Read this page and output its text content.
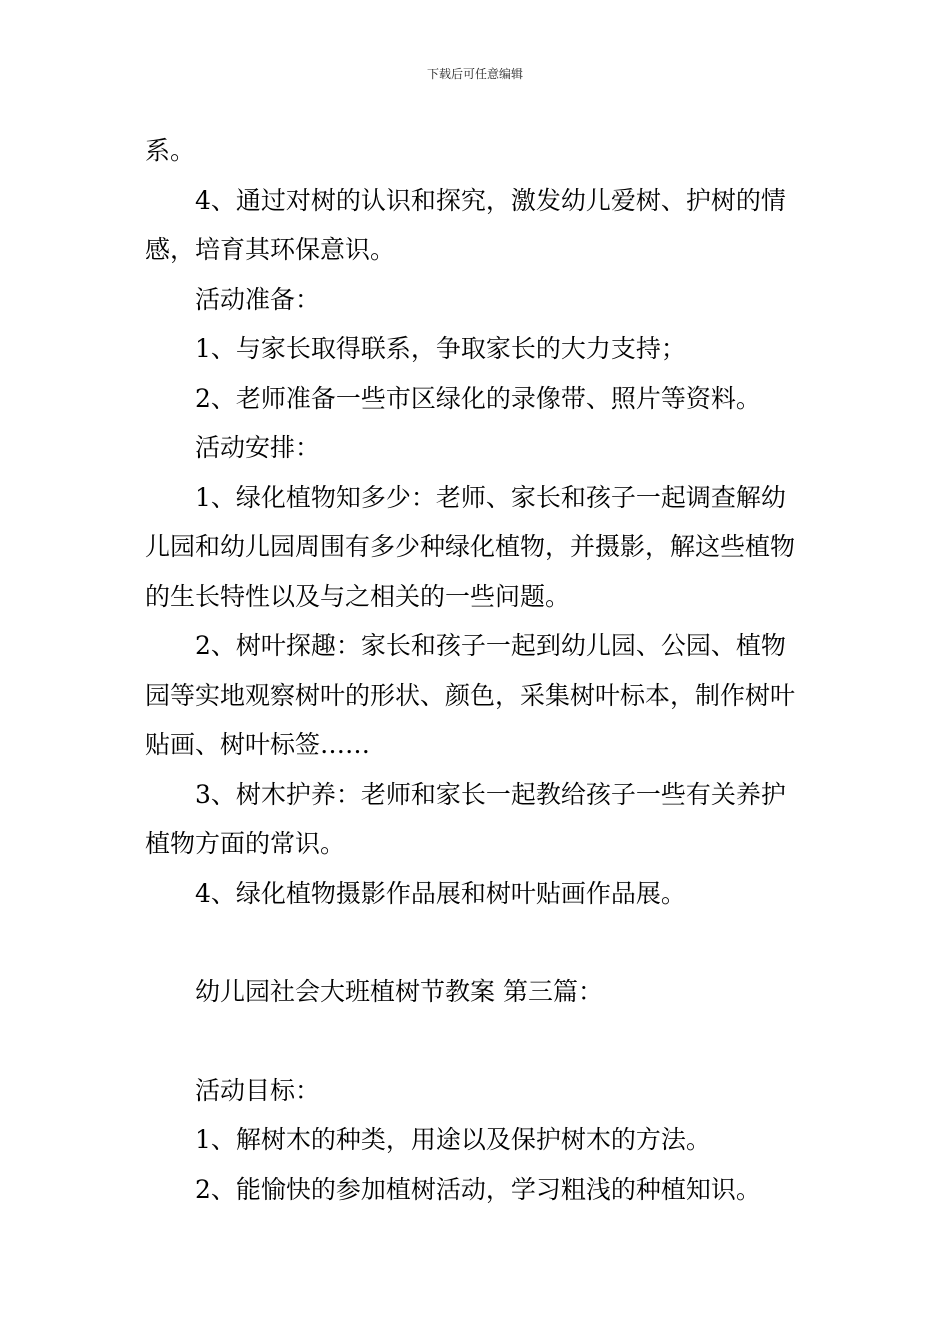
下载后可任意编辑

系。

4、通过对树的认识和探究，激发幼儿爱树、护树的情感，培育其环保意识。

活动准备：

1、与家长取得联系，争取家长的大力支持；

2、老师准备一些市区绿化的录像带、照片等资料。

活动安排：

1、绿化植物知多少：老师、家长和孩子一起调查解幼儿园和幼儿园周围有多少种绿化植物，并摄影，解这些植物的生长特性以及与之相关的一些问题。

2、树叶探趣：家长和孩子一起到幼儿园、公园、植物园等实地观察树叶的形状、颜色，采集树叶标本，制作树叶贴画、树叶标签……

3、树木护养：老师和家长一起教给孩子一些有关养护植物方面的常识。

4、绿化植物摄影作品展和树叶贴画作品展。

幼儿园社会大班植树节教案 第三篇：

活动目标：

1、解树木的种类，用途以及保护树木的方法。

2、能愉快的参加植树活动，学习粗浅的种植知识。
